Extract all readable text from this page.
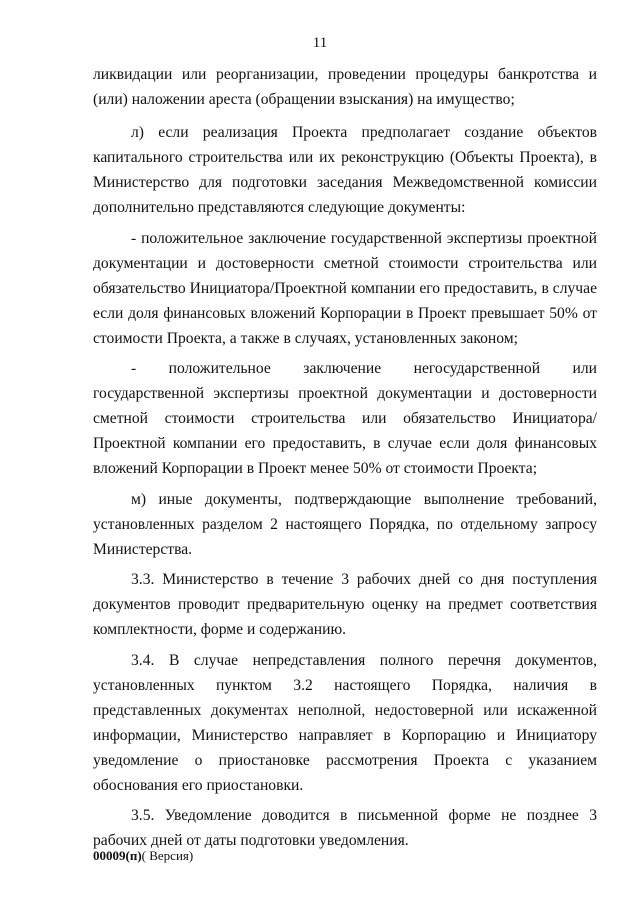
11

ликвидации или реорганизации, проведении процедуры банкротства и (или) наложении ареста (обращении взыскания) на имущество;

л) если реализация Проекта предполагает создание объектов капитального строительства или их реконструкцию (Объекты Проекта), в Министерство для подготовки заседания Межведомственной комиссии дополнительно представляются следующие документы:

- положительное заключение государственной экспертизы проектной документации и достоверности сметной стоимости строительства или обязательство Инициатора/Проектной компании его предоставить, в случае если доля финансовых вложений Корпорации в Проект превышает 50% от стоимости Проекта, а также в случаях, установленных законом;

- положительное заключение негосударственной или государственной экспертизы проектной документации и достоверности сметной стоимости строительства или обязательство Инициатора/Проектной компании его предоставить, в случае если доля финансовых вложений Корпорации в Проект менее 50% от стоимости Проекта;

м) иные документы, подтверждающие выполнение требований, установленных разделом 2 настоящего Порядка, по отдельному запросу Министерства.

3.3. Министерство в течение 3 рабочих дней со дня поступления документов проводит предварительную оценку на предмет соответствия комплектности, форме и содержанию.

3.4. В случае непредставления полного перечня документов, установленных пунктом 3.2 настоящего Порядка, наличия в представленных документах неполной, недостоверной или искаженной информации, Министерство направляет в Корпорацию и Инициатору уведомление о приостановке рассмотрения Проекта с указанием обоснования его приостановки.

3.5. Уведомление доводится в письменной форме не позднее 3 рабочих дней от даты подготовки уведомления.

00009(п)( Версия)
